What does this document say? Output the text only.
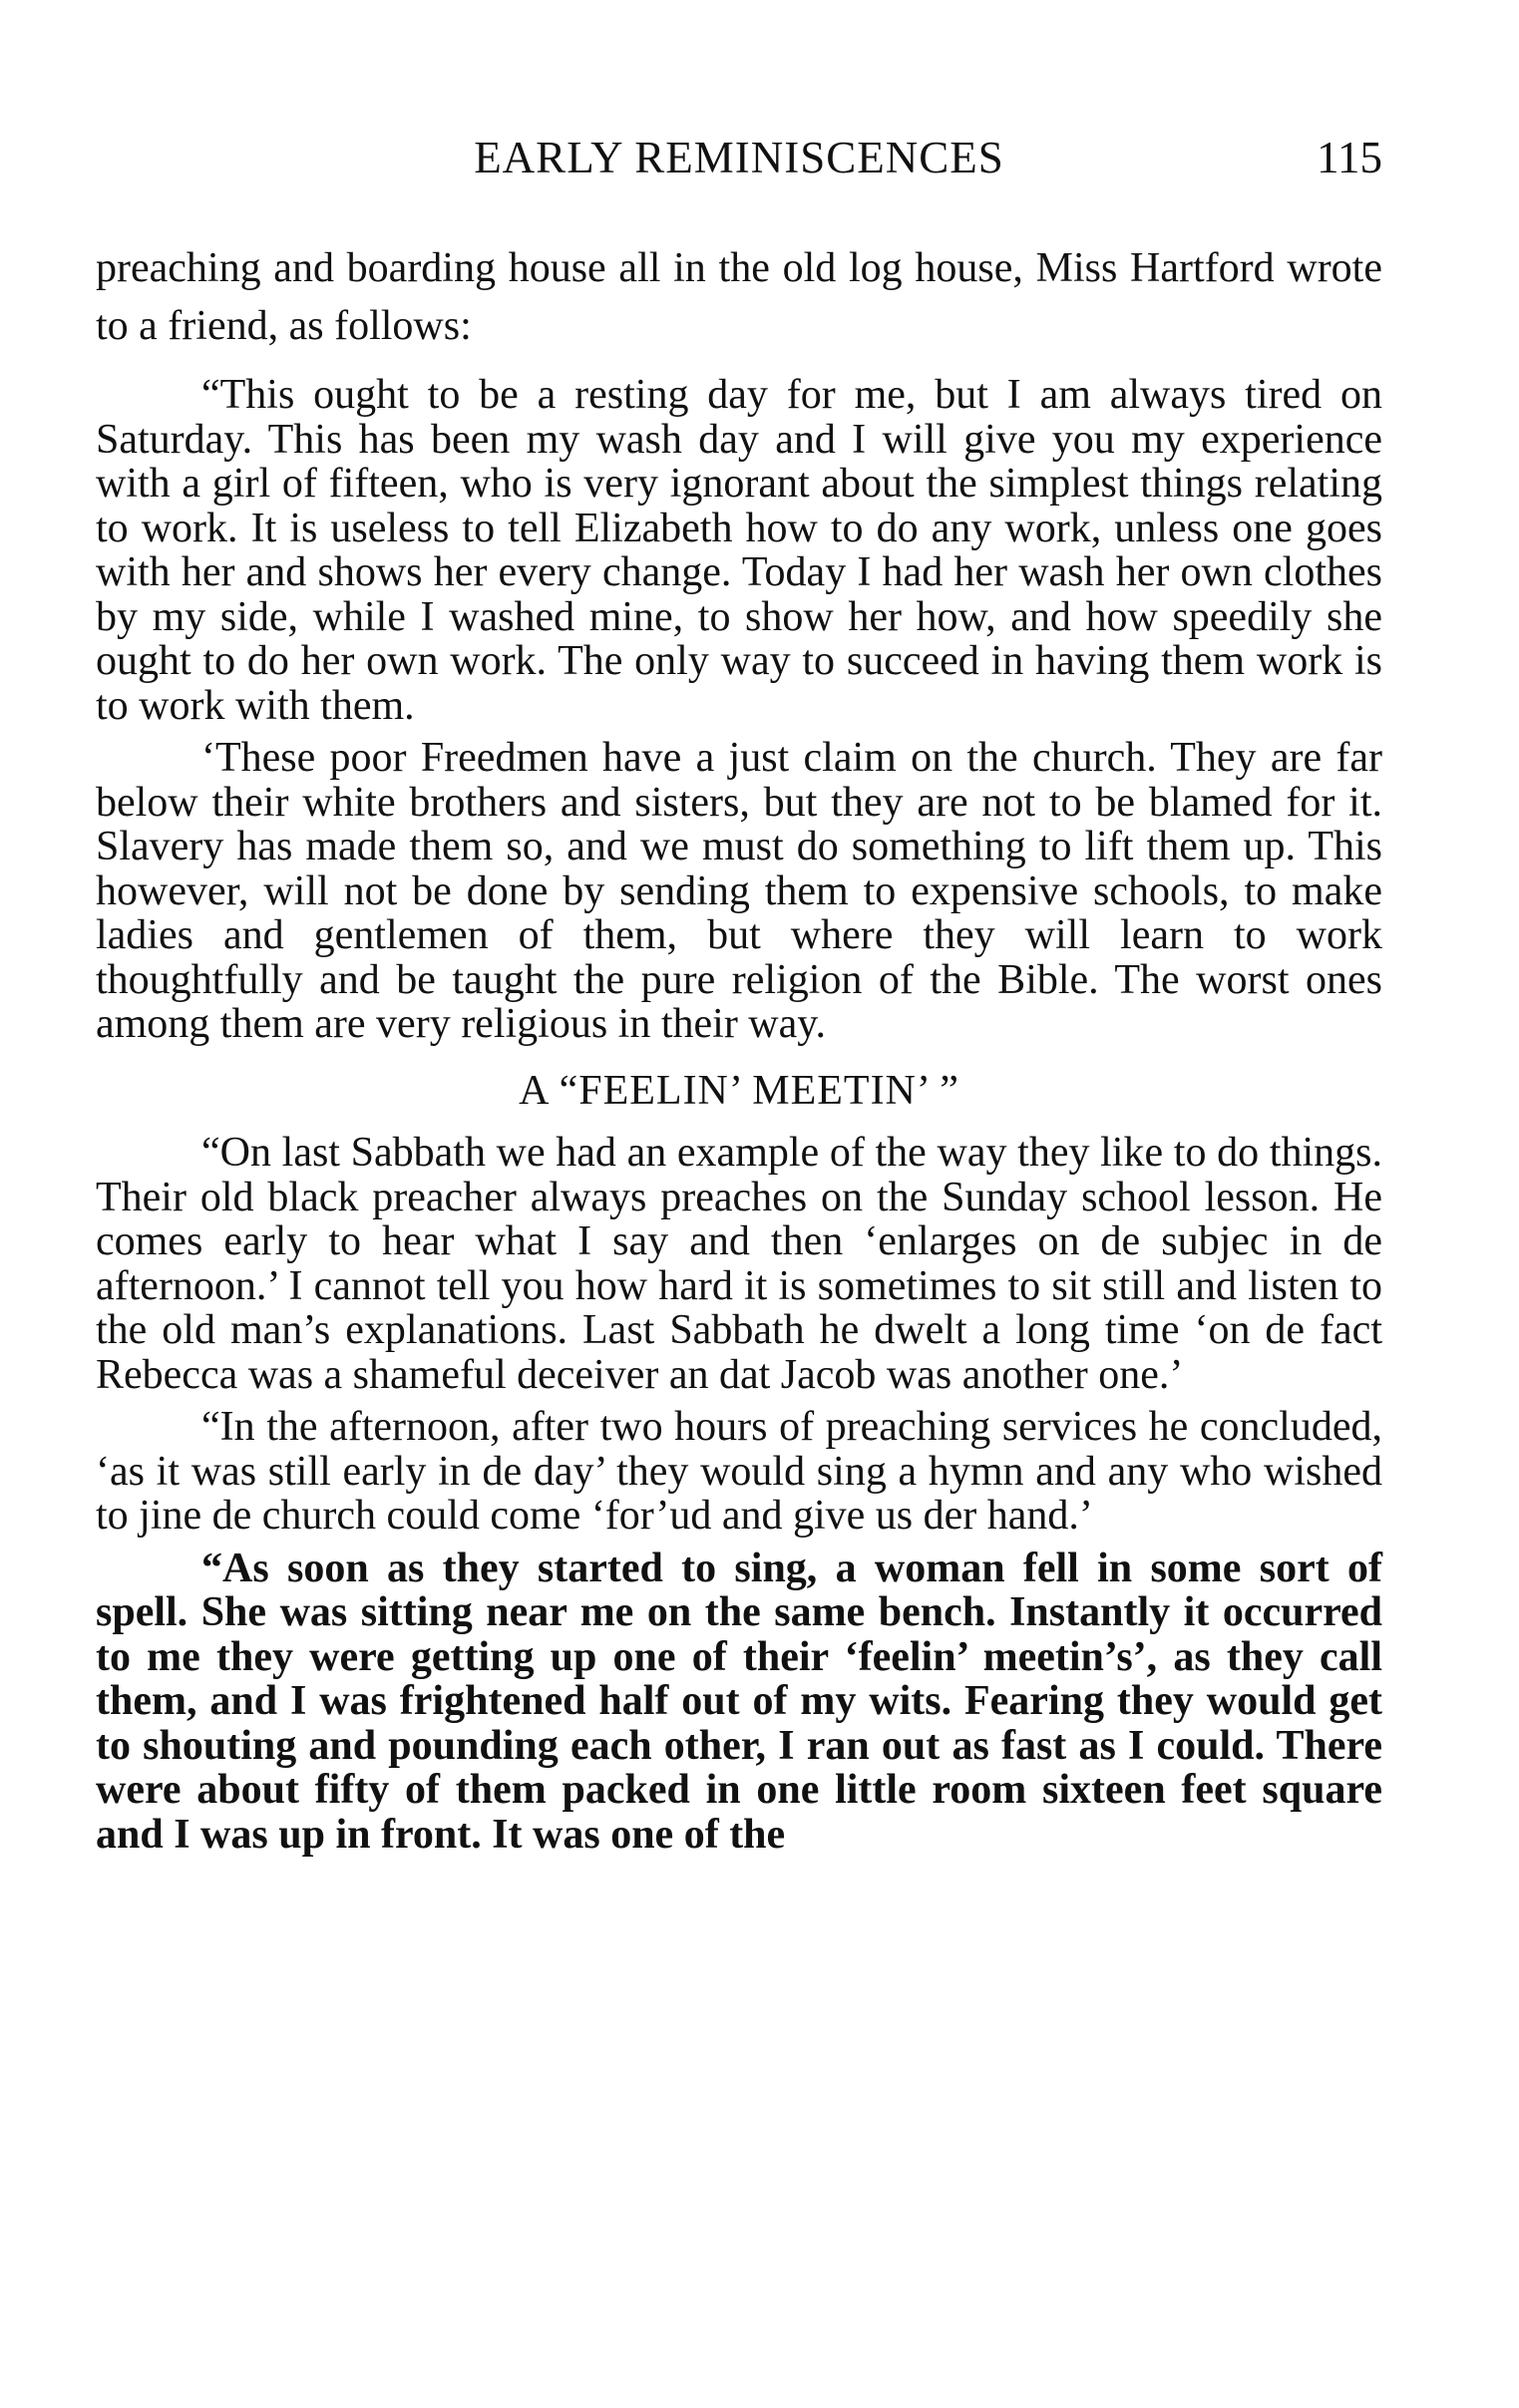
EARLY REMINISCENCES	115

preaching and boarding house all in the old log house, Miss Hartford wrote to a friend, as follows:

“This ought to be a resting day for me, but I am always tired on Saturday. This has been my wash day and I will give you my experience with a girl of fifteen, who is very ignorant about the simplest things relating to work. It is useless to tell Elizabeth how to do any work, unless one goes with her and shows her every change. Today I had her wash her own clothes by my side, while I washed mine, to show her how, and how speedily she ought to do her own work. The only way to succeed in having them work is to work with them.

‘These poor Freedmen have a just claim on the church. They are far below their white brothers and sisters, but they are not to be blamed for it. Slavery has made them so, and we must do something to lift them up. This however, will not be done by sending them to expensive schools, to make ladies and gentlemen of them, but where they will learn to work thoughtfully and be taught the pure religion of the Bible. The worst ones among them are very religious in their way.

A “FEELIN’ MEETIN’ ”

“On last Sabbath we had an example of the way they like to do things. Their old black preacher always preaches on the Sunday school lesson. He comes early to hear what I say and then ‘enlarges on de subjec in de afternoon.’ I cannot tell you how hard it is sometimes to sit still and listen to the old man’s explanations. Last Sabbath he dwelt a long time ‘on de fact Rebecca was a shameful deceiver an dat Jacob was another one.’

“In the afternoon, after two hours of preaching services he concluded, ‘as it was still early in de day’ they would sing a hymn and any who wished to jine de church could come ‘for’ud and give us der hand.’

“As soon as they started to sing, a woman fell in some sort of spell. She was sitting near me on the same bench. Instantly it occurred to me they were getting up one of their ‘feelin’ meetin’s’, as they call them, and I was frightened half out of my wits. Fearing they would get to shouting and pounding each other, I ran out as fast as I could. There were about fifty of them packed in one little room sixteen feet square and I was up in front. It was one of the
